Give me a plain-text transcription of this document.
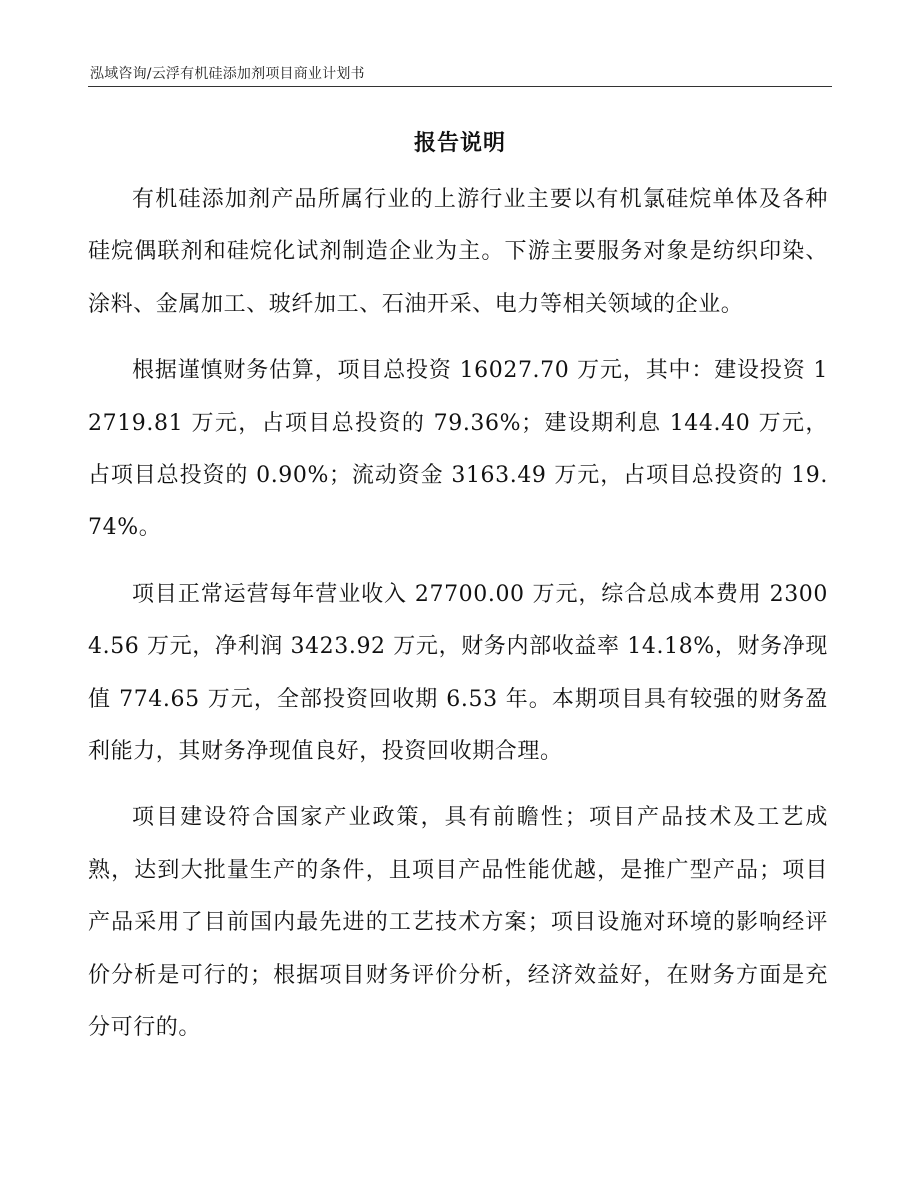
泓域咨询/云浮有机硅添加剂项目商业计划书
报告说明

有机硅添加剂产品所属行业的上游行业主要以有机氯硅烷单体及各种硅烷偶联剂和硅烷化试剂制造企业为主。下游主要服务对象是纺织印染、涂料、金属加工、玻纤加工、石油开采、电力等相关领域的企业。

根据谨慎财务估算，项目总投资 16027.70 万元，其中：建设投资 12719.81 万元，占项目总投资的 79.36%；建设期利息 144.40 万元，占项目总投资的 0.90%；流动资金 3163.49 万元，占项目总投资的 19.74%。

项目正常运营每年营业收入 27700.00 万元，综合总成本费用 23004.56 万元，净利润 3423.92 万元，财务内部收益率 14.18%，财务净现值 774.65 万元，全部投资回收期 6.53 年。本期项目具有较强的财务盈利能力，其财务净现值良好，投资回收期合理。

项目建设符合国家产业政策，具有前瞻性；项目产品技术及工艺成熟，达到大批量生产的条件，且项目产品性能优越，是推广型产品；项目产品采用了目前国内最先进的工艺技术方案；项目设施对环境的影响经评价分析是可行的；根据项目财务评价分析，经济效益好，在财务方面是充分可行的。
